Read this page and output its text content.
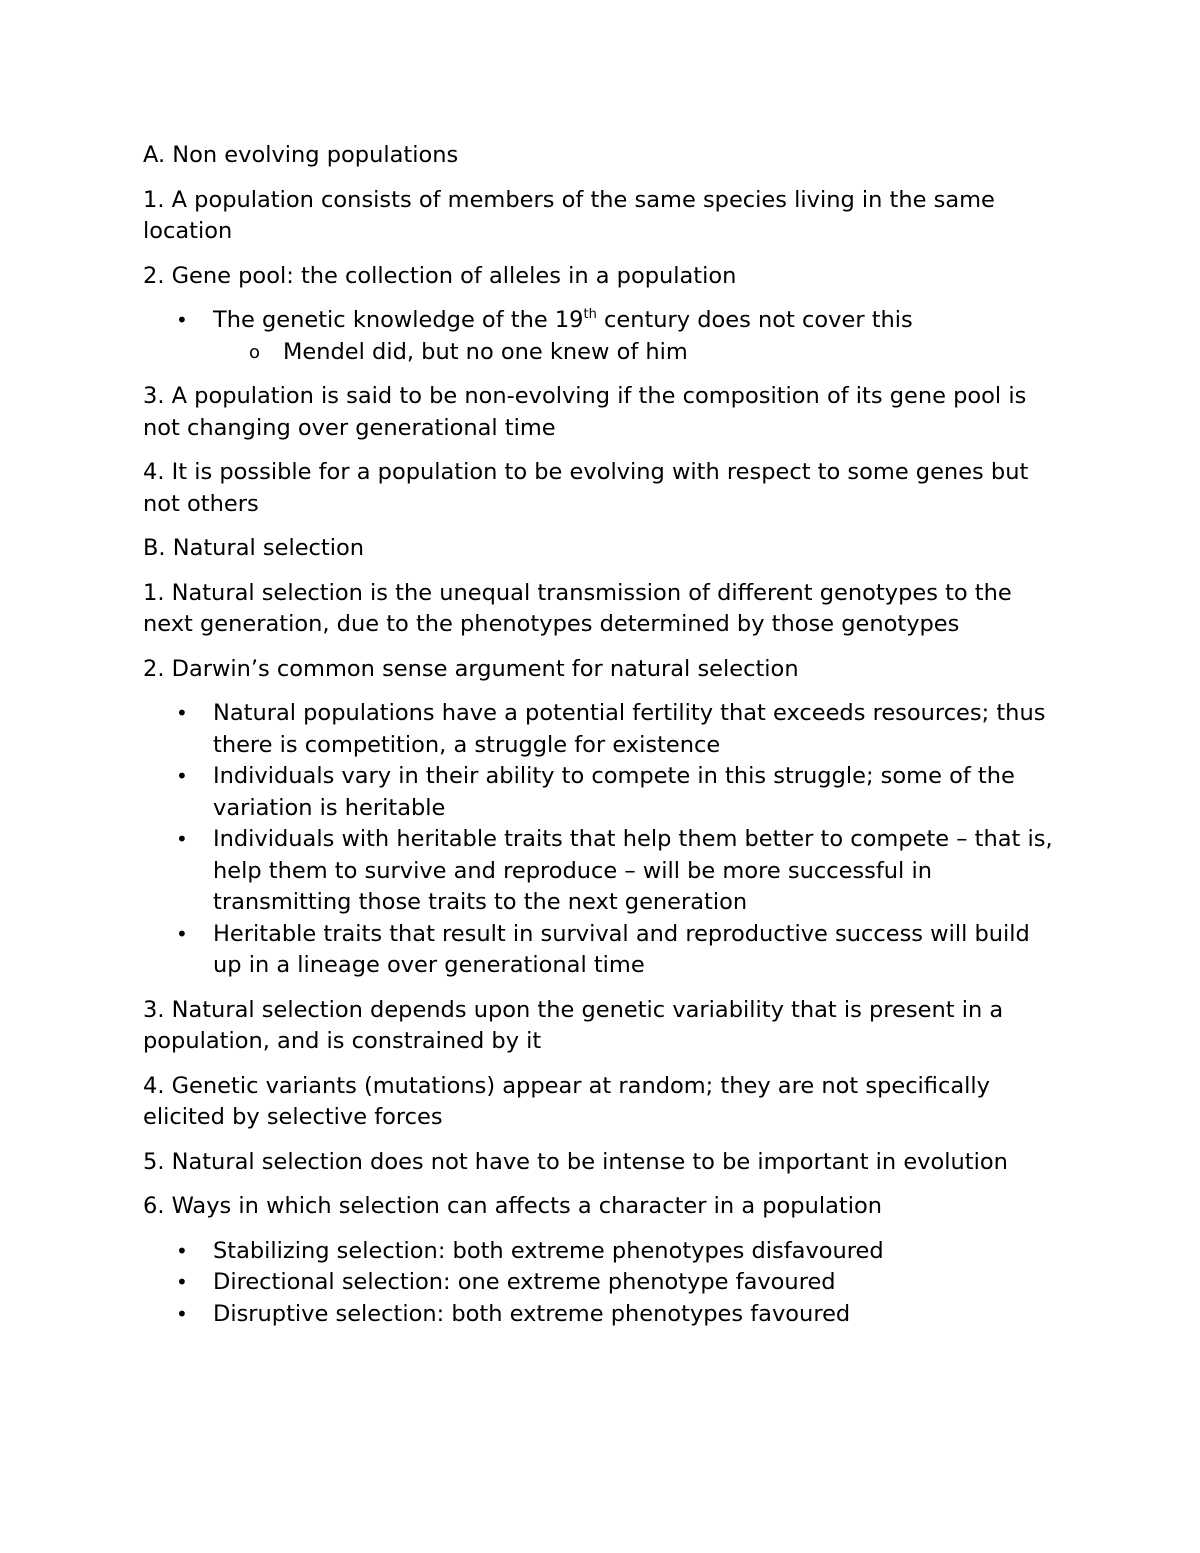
A. Non evolving populations

1. A population consists of members of the same species living in the same location

2. Gene pool: the collection of alleles in a population

• The genetic knowledge of the 19th century does not cover this
o Mendel did, but no one knew of him

3. A population is said to be non-evolving if the composition of its gene pool is not changing over generational time

4. It is possible for a population to be evolving with respect to some genes but not others

B. Natural selection

1. Natural selection is the unequal transmission of different genotypes to the next generation, due to the phenotypes determined by those genotypes

2. Darwin’s common sense argument for natural selection

• Natural populations have a potential fertility that exceeds resources; thus there is competition, a struggle for existence
• Individuals vary in their ability to compete in this struggle; some of the variation is heritable
• Individuals with heritable traits that help them better to compete – that is, help them to survive and reproduce – will be more successful in transmitting those traits to the next generation
• Heritable traits that result in survival and reproductive success will build up in a lineage over generational time

3. Natural selection depends upon the genetic variability that is present in a population, and is constrained by it

4. Genetic variants (mutations) appear at random; they are not specifically elicited by selective forces

5. Natural selection does not have to be intense to be important in evolution

6. Ways in which selection can affects a character in a population

• Stabilizing selection: both extreme phenotypes disfavoured
• Directional selection: one extreme phenotype favoured
• Disruptive selection: both extreme phenotypes favoured
